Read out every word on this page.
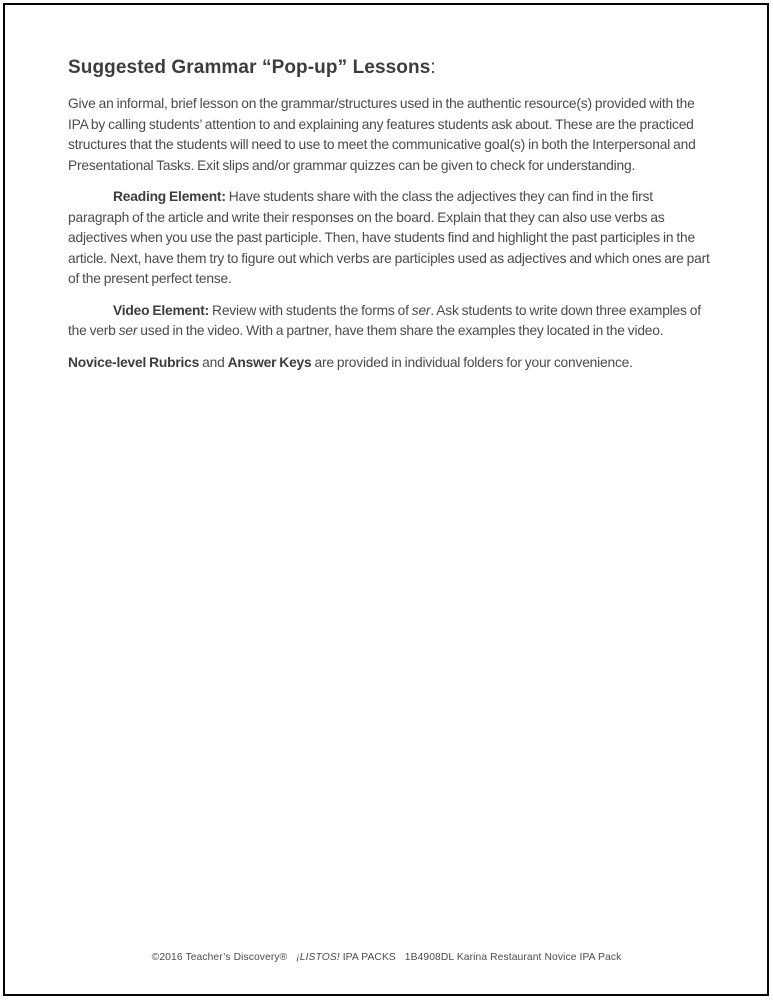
Suggested Grammar “Pop-up” Lessons:

Give an informal, brief lesson on the grammar/structures used in the authentic resource(s) provided with the IPA by calling students’ attention to and explaining any features students ask about. These are the practiced structures that the students will need to use to meet the communicative goal(s) in both the Interpersonal and Presentational Tasks. Exit slips and/or grammar quizzes can be given to check for understanding.

Reading Element: Have students share with the class the adjectives they can find in the first paragraph of the article and write their responses on the board. Explain that they can also use verbs as adjectives when you use the past participle. Then, have students find and highlight the past participles in the article. Next, have them try to figure out which verbs are participles used as adjectives and which ones are part of the present perfect tense.

Video Element: Review with students the forms of ser. Ask students to write down three examples of the verb ser used in the video. With a partner, have them share the examples they located in the video.

Novice-level Rubrics and Answer Keys are provided in individual folders for your convenience.

©2016 Teacher’s Discovery®   ¡LISTOS! IPA PACKS   1B4908DL Karina Restaurant Novice IPA Pack
